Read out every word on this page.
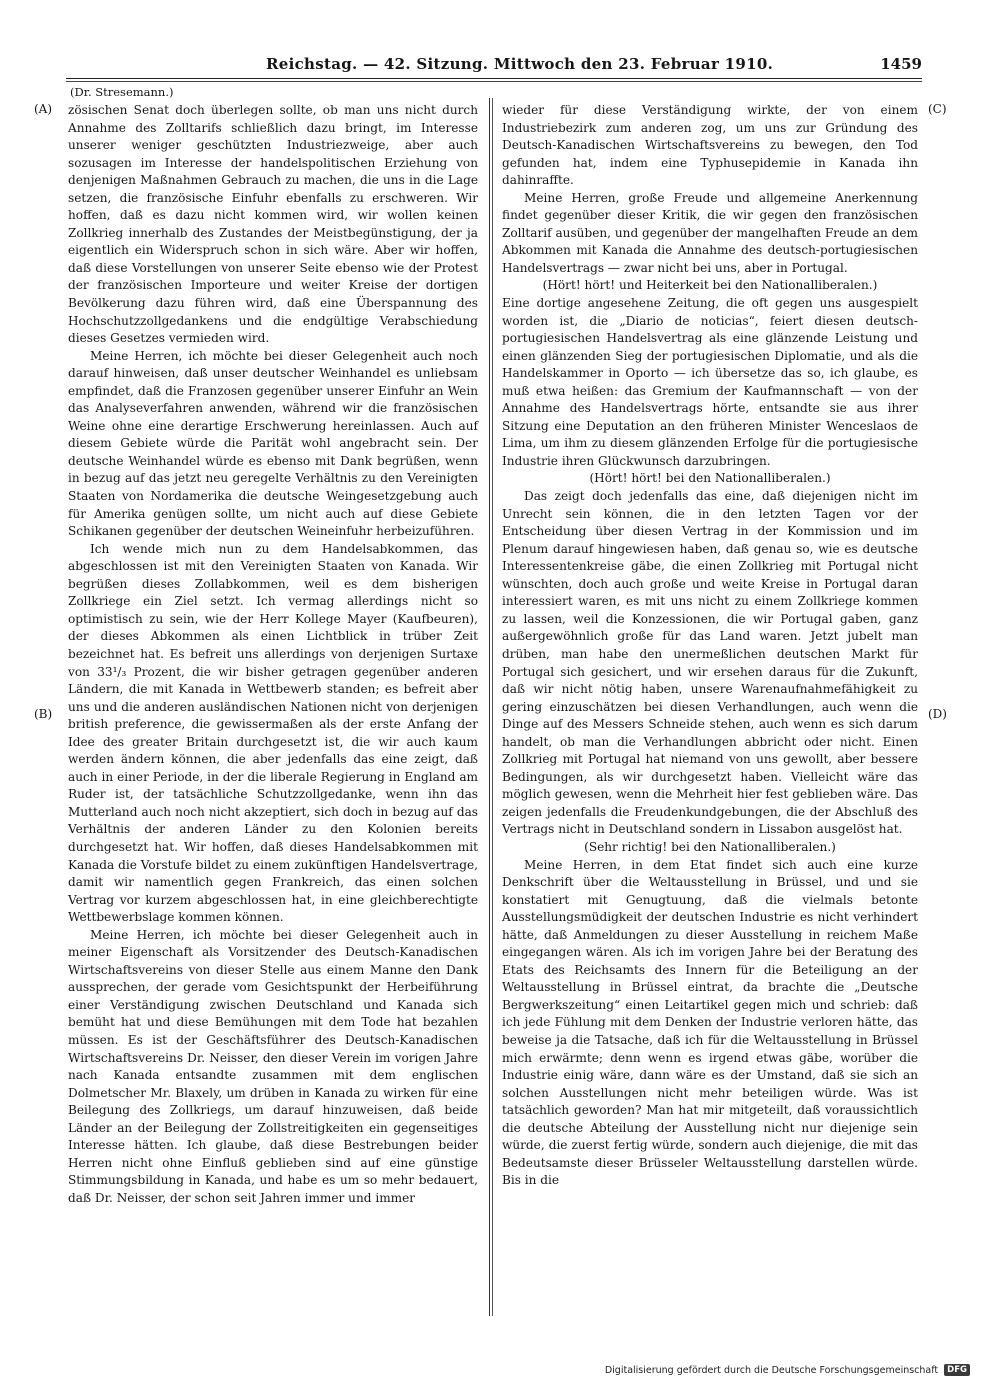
Reichstag. — 42. Sitzung. Mittwoch den 23. Februar 1910.	1459
(Dr. Stresemann.)
(A)
(B)
(C)
(D)

zösischen Senat doch überlegen sollte, ob man uns nicht durch Annahme des Zolltarifs schließlich dazu bringt, im Interesse unserer weniger geschützten Industriezweige, aber auch sozusagen im Interesse der handelspolitischen Erziehung von denjenigen Maßnahmen Gebrauch zu machen, die uns in die Lage setzen, die französische Einfuhr ebenfalls zu erschweren. Wir hoffen, daß es dazu nicht kommen wird, wir wollen keinen Zollkrieg innerhalb des Zustandes der Meistbegünstigung, der ja eigentlich ein Widerspruch schon in sich wäre. Aber wir hoffen, daß diese Vorstellungen von unserer Seite ebenso wie der Protest der französischen Importeure und weiter Kreise der dortigen Bevölkerung dazu führen wird, daß eine Überspannung des Hochschutzzollgedankens und die endgültige Verabschiedung dieses Gesetzes vermieden wird.

Meine Herren, ich möchte bei dieser Gelegenheit auch noch darauf hinweisen, daß unser deutscher Weinhandel es unliebsam empfindet, daß die Franzosen gegenüber unserer Einfuhr an Wein das Analyseverfahren anwenden, während wir die französischen Weine ohne eine derartige Erschwerung hereinlassen. Auch auf diesem Gebiete würde die Parität wohl angebracht sein. Der deutsche Weinhandel würde es ebenso mit Dank begrüßen, wenn in bezug auf das jetzt neu geregelte Verhältnis zu den Vereinigten Staaten von Nordamerika die deutsche Weingesetzgebung auch für Amerika genügen sollte, um nicht auch auf diese Gebiete Schikanen gegenüber der deutschen Weineinfuhr herbeizuführen.

Ich wende mich nun zu dem Handelsabkommen, das abgeschlossen ist mit den Vereinigten Staaten von Kanada. Wir begrüßen dieses Zollabkommen, weil es dem bisherigen Zollkriege ein Ziel setzt. Ich vermag allerdings nicht so optimistisch zu sein, wie der Herr Kollege Mayer (Kaufbeuren), der dieses Abkommen als einen Lichtblick in trüber Zeit bezeichnet hat. Es befreit uns allerdings von derjenigen Surtaxe von 33¹/₃ Prozent, die wir bisher getragen gegenüber anderen Ländern, die mit Kanada in Wettbewerb standen; es befreit aber uns und die anderen ausländischen Nationen nicht von derjenigen british preference, die gewissermaßen als der erste Anfang der Idee des greater Britain durchgesetzt ist, die wir auch kaum werden ändern können, die aber jedenfalls das eine zeigt, daß auch in einer Periode, in der die liberale Regierung in England am Ruder ist, der tatsächliche Schutzzollgedanke, wenn ihn das Mutterland auch noch nicht akzeptiert, sich doch in bezug auf das Verhältnis der anderen Länder zu den Kolonien bereits durchgesetzt hat. Wir hoffen, daß dieses Handelsabkommen mit Kanada die Vorstufe bildet zu einem zukünftigen Handelsvertrage, damit wir namentlich gegen Frankreich, das einen solchen Vertrag vor kurzem abgeschlossen hat, in eine gleichberechtigte Wettbewerbslage kommen können.

Meine Herren, ich möchte bei dieser Gelegenheit auch in meiner Eigenschaft als Vorsitzender des Deutsch-Kanadischen Wirtschaftsvereins von dieser Stelle aus einem Manne den Dank aussprechen, der gerade vom Gesichtspunkt der Herbeiführung einer Verständigung zwischen Deutschland und Kanada sich bemüht hat und diese Bemühungen mit dem Tode hat bezahlen müssen. Es ist der Geschäftsführer des Deutsch-Kanadischen Wirtschaftsvereins Dr. Neisser, den dieser Verein im vorigen Jahre nach Kanada entsandte zusammen mit dem englischen Dolmetscher Mr. Blaxely, um drüben in Kanada zu wirken für eine Beilegung des Zollkriegs, um darauf hinzuweisen, daß beide Länder an der Beilegung der Zollstreitigkeiten ein gegenseitiges Interesse hätten. Ich glaube, daß diese Bestrebungen beider Herren nicht ohne Einfluß geblieben sind auf eine günstige Stimmungsbildung in Kanada, und habe es um so mehr bedauert, daß Dr. Neisser, der schon seit Jahren immer und immer

wieder für diese Verständigung wirkte, der von einem Industriebezirk zum anderen zog, um uns zur Gründung des Deutsch-Kanadischen Wirtschaftsvereins zu bewegen, den Tod gefunden hat, indem eine Typhusepidemie in Kanada ihn dahinraffte.

Meine Herren, große Freude und allgemeine Anerkennung findet gegenüber dieser Kritik, die wir gegen den französischen Zolltarif ausüben, und gegenüber der mangelhaften Freude an dem Abkommen mit Kanada die Annahme des deutsch-portugiesischen Handelsvertrags — zwar nicht bei uns, aber in Portugal.

(Hört! hört! und Heiterkeit bei den Nationalliberalen.)

Eine dortige angesehene Zeitung, die oft gegen uns ausgespielt worden ist, die „Diario de noticias“, feiert diesen deutsch-portugiesischen Handelsvertrag als eine glänzende Leistung und einen glänzenden Sieg der portugiesischen Diplomatie, und als die Handelskammer in Oporto — ich übersetze das so, ich glaube, es muß etwa heißen: das Gremium der Kaufmannschaft — von der Annahme des Handelsvertrags hörte, entsandte sie aus ihrer Sitzung eine Deputation an den früheren Minister Wenceslaos de Lima, um ihm zu diesem glänzenden Erfolge für die portugiesische Industrie ihren Glückwunsch darzubringen.

(Hört! hört! bei den Nationalliberalen.)

Das zeigt doch jedenfalls das eine, daß diejenigen nicht im Unrecht sein können, die in den letzten Tagen vor der Entscheidung über diesen Vertrag in der Kommission und im Plenum darauf hingewiesen haben, daß genau so, wie es deutsche Interessentenkreise gäbe, die einen Zollkrieg mit Portugal nicht wünschten, doch auch große und weite Kreise in Portugal daran interessiert waren, es mit uns nicht zu einem Zollkriege kommen zu lassen, weil die Konzessionen, die wir Portugal gaben, ganz außergewöhnlich große für das Land waren. Jetzt jubelt man drüben, man habe den unermeßlichen deutschen Markt für Portugal sich gesichert, und wir ersehen daraus für die Zukunft, daß wir nicht nötig haben, unsere Warenaufnahmefähigkeit zu gering einzuschätzen bei diesen Verhandlungen, auch wenn die Dinge auf des Messers Schneide stehen, auch wenn es sich darum handelt, ob man die Verhandlungen abbricht oder nicht. Einen Zollkrieg mit Portugal hat niemand von uns gewollt, aber bessere Bedingungen, als wir durchgesetzt haben. Vielleicht wäre das möglich gewesen, wenn die Mehrheit hier fest geblieben wäre. Das zeigen jedenfalls die Freudenkundgebungen, die der Abschluß des Vertrags nicht in Deutschland sondern in Lissabon ausgelöst hat.

(Sehr richtig! bei den Nationalliberalen.)

Meine Herren, in dem Etat findet sich auch eine kurze Denkschrift über die Weltausstellung in Brüssel, und und sie konstatiert mit Genugtuung, daß die vielmals betonte Ausstellungsmüdigkeit der deutschen Industrie es nicht verhindert hätte, daß Anmeldungen zu dieser Ausstellung in reichem Maße eingegangen wären. Als ich im vorigen Jahre bei der Beratung des Etats des Reichsamts des Innern für die Beteiligung an der Weltausstellung in Brüssel eintrat, da brachte die „Deutsche Bergwerkszeitung“ einen Leitartikel gegen mich und schrieb: daß ich jede Fühlung mit dem Denken der Industrie verloren hätte, das beweise ja die Tatsache, daß ich für die Weltausstellung in Brüssel mich erwärmte; denn wenn es irgend etwas gäbe, worüber die Industrie einig wäre, dann wäre es der Umstand, daß sie sich an solchen Ausstellungen nicht mehr beteiligen würde. Was ist tatsächlich geworden? Man hat mir mitgeteilt, daß voraussichtlich die deutsche Abteilung der Ausstellung nicht nur diejenige sein würde, die zuerst fertig würde, sondern auch diejenige, die mit das Bedeutsamste dieser Brüsseler Weltausstellung darstellen würde. Bis in die

Digitalisierung gefördert durch die Deutsche Forschungsgemeinschaft	DFG
